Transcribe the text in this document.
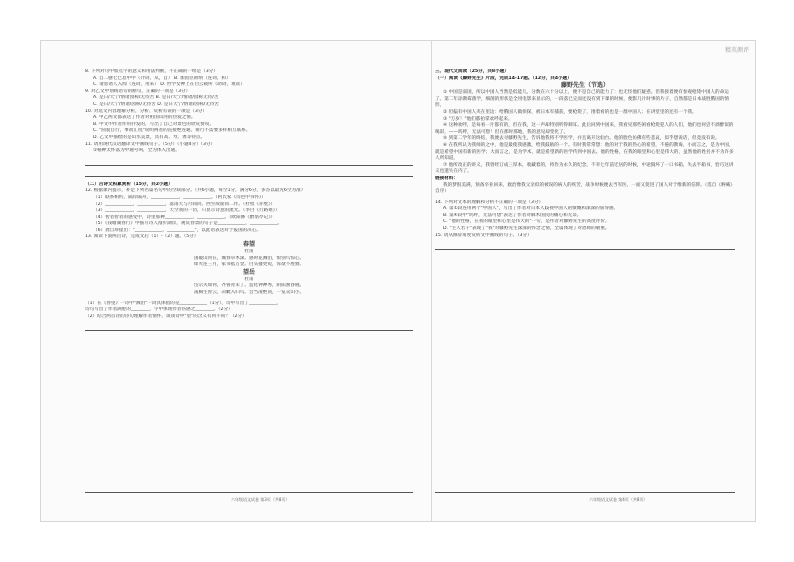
精英测评
8. 下列对句中加点字的意义和用法判断，不正确的一组是（3分）
A. 自二膳七已息甲中（介词，从，自） B. 加因臣斯纳（连词，和）
C. 请恕诸人入闻（连词，用来） D. 哲学女神上在白云载所（助词，难读）
9. 对乙文中划线语句的断句，正确的一项是（3分）
A. 是日/天宁/情诸园称/无待苦 B. 是日/天宁/情诸/园称无待/苦
C. 是日/天宁/情诸/园称/无待苦 D. 是日天宁/情诸/园称/无待苦
10. 对选文内容理解分析，分析、赏析有误的一项是（3分）
A. 甲乙两文都表达了作者对祖国山河的热爱之情。
B. 甲文中作者作用抒发的，写出了自己对景色的欣赏赞叹。
C. "圆爱自行，事而汇绕"说明两者的直接绝连通。排行不需要多样相互联系。
D. 乙文中描绘的是山水美景，具有高、寿、诱等特点。
11. 请用现代汉语翻译文中画线句子。（5分）（小题4分）（3分）
①格种太怀落为甲通号叫，全为体入出通。
（二）古诗文积累赏析（15分，共2小题）
12. 根据课内提示，补足下列名篇名句中的空缺部分。（共6小题，每空1分，满分6分，多答以最先6空为准）
（1）联系相约，隔岸隔舟，____________，____________。（阿氏家《诗邑中书怀》）
（2）____________，____________，落雨天与月间同，西至故面同二作。（杜牧《赤壁》）
（3）____________，____________，天空我的一切，只显示诗意的流光。（李白《行路难》）
（4）智者智者的感受中，诗里那种____________，____________。（欧阳修《醉翁亭记》）
（5）《钱塘湖春行》中描写诗人漫步湖岸，观赏春景的句子是____________，____________。
（6）龚自珍提出："____________，____________"，以此语表达对于报国的决心。
13. 阅读下面两首诗，完成文后（1）-（2）题。（5分）
春望
杜甫
国破山河在，城春草木深。感时花溅泪，恨别鸟惊心。
烽火连三月，家书抵万金。白头搔更短，浑欲不胜簪。
望岳
杜甫
岱宗夫如何，齐鲁青未了。造化钟神秀，阴阳割昏晓。
荡胸生曾云，决眦入归鸟。会当凌绝顶，一览众山小。
（1）在《春望》一诗中"溅泪"一词具体指的是____________（1分），诗中写出了____________，
诗句写出了作者满腔的________，字中体现作者伤感之________。（2分）
（2）结合两首诗的诗句理解作者情怀，谈谈诗中"望"的含义有何不同？（2分）
六年级语文试卷 第3页（共8页）
三、现代文阅读（25分，共8小题）
（一）阅读《藤野先生》片段，完成14-17题。（12分，共4小题）
藤野先生（节选）
① 中国是弱国，所以中国人当然是低能儿，分数在六十分以上，便不是自己的能力了：也无怪他们疑惑。但我接着便有参观枪毙中国人的命运了。第二年添教霉菌学，细菌的形状是全用电影来显示的，一段落已完而还没有到下课的时候，便影几片时事的片子，自然都是日本战胜俄国的情形。
② 但偏有中国人夹在里边：给俄国人做侦探，被日本军捕获，要枪毙了，围着看的也是一群中国人；在讲堂里的还有一个我。
③ "万岁！"他们都拍掌欢呼起来。
④ 这种欢呼，是每看一片都有的，但在我，这一声却特别听得刺耳。此后回到中国来，我看见那些闲看枪毙犯人的人们，他们也何尝不酒醉似的喝彩，——呜呼，无法可想！但在那时那地，我的意见却变化了。
⑤ 到第二学年的终结，我便去寻藤野先生，告诉他我将不学医学，并且离开这仙台。他的脸色仿佛有些悲哀，似乎想说话，但竟没有说。
⑥ 在我所认为我师的之中，他是最使我感激，给我鼓励的一个。有时我常常想：他的对于我的热心的希望，不倦的教诲，小而言之，是为中国，就是希望中国有新的医学；大而言之，是为学术，就是希望新的医学传到中国去。他的性格，在我的眼里和心里是伟大的，虽然他的姓名并不为许多人所知道。
⑦ 他所改正的讲义，我曾经订成三厚本，收藏着的，将作为永久的纪念。不幸七年前迁居的时候，中途毁坏了一口书箱，失去半箱书，恰巧这讲义也遗失在内了。
链接材料：
我的梦很美满，预备卒业回来，救治像我父亲似的被误的病人的疾苦，战争时候便去当军医，一面又促进了国人对于维新的信仰。（选自《呐喊》自序）
14. 下列对文本的理解和分析不正确的一项是（3分）
A. 第①段连用两个"中国人"，写出了作者对日本人歧视中国人的愤慨和深深的屈辱感。
B. 第④段中"呜呼，无法可想"表达了作者对麻木国民的痛心和无奈。
C. "他的性格，在我的眼里和心里是伟大的"一句，是作者对藤野先生的高度评价。
D. "主人若干"表现了"我"对藤野先生深深的怀念之情，全篇体现了对恩师的敬重。
15. 请从修辞角度赏析文中画线的句子。（3分）
六年级语文试卷 第4页（共8页）
